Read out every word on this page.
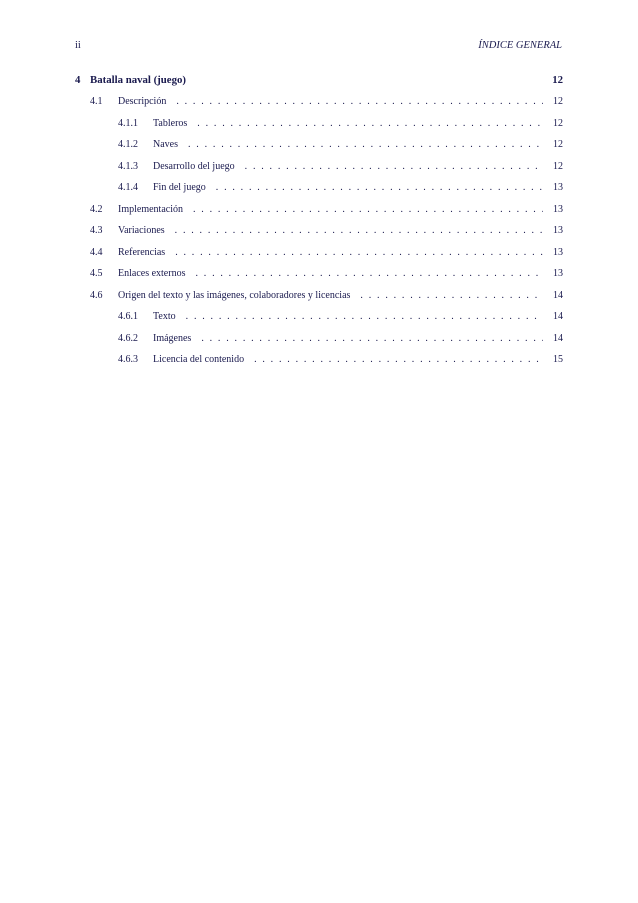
ii	ÍNDICE GENERAL
4 Batalla naval (juego)	12
4.1	Descripción . . .	12
4.1.1	Tableros . . .	12
4.1.2	Naves . . .	12
4.1.3	Desarrollo del juego . . .	12
4.1.4	Fin del juego . . .	13
4.2	Implementación . . .	13
4.3	Variaciones . . .	13
4.4	Referencias . . .	13
4.5	Enlaces externos . . .	13
4.6	Origen del texto y las imágenes, colaboradores y licencias . . .	14
4.6.1	Texto . . .	14
4.6.2	Imágenes . . .	14
4.6.3	Licencia del contenido . . .	15
